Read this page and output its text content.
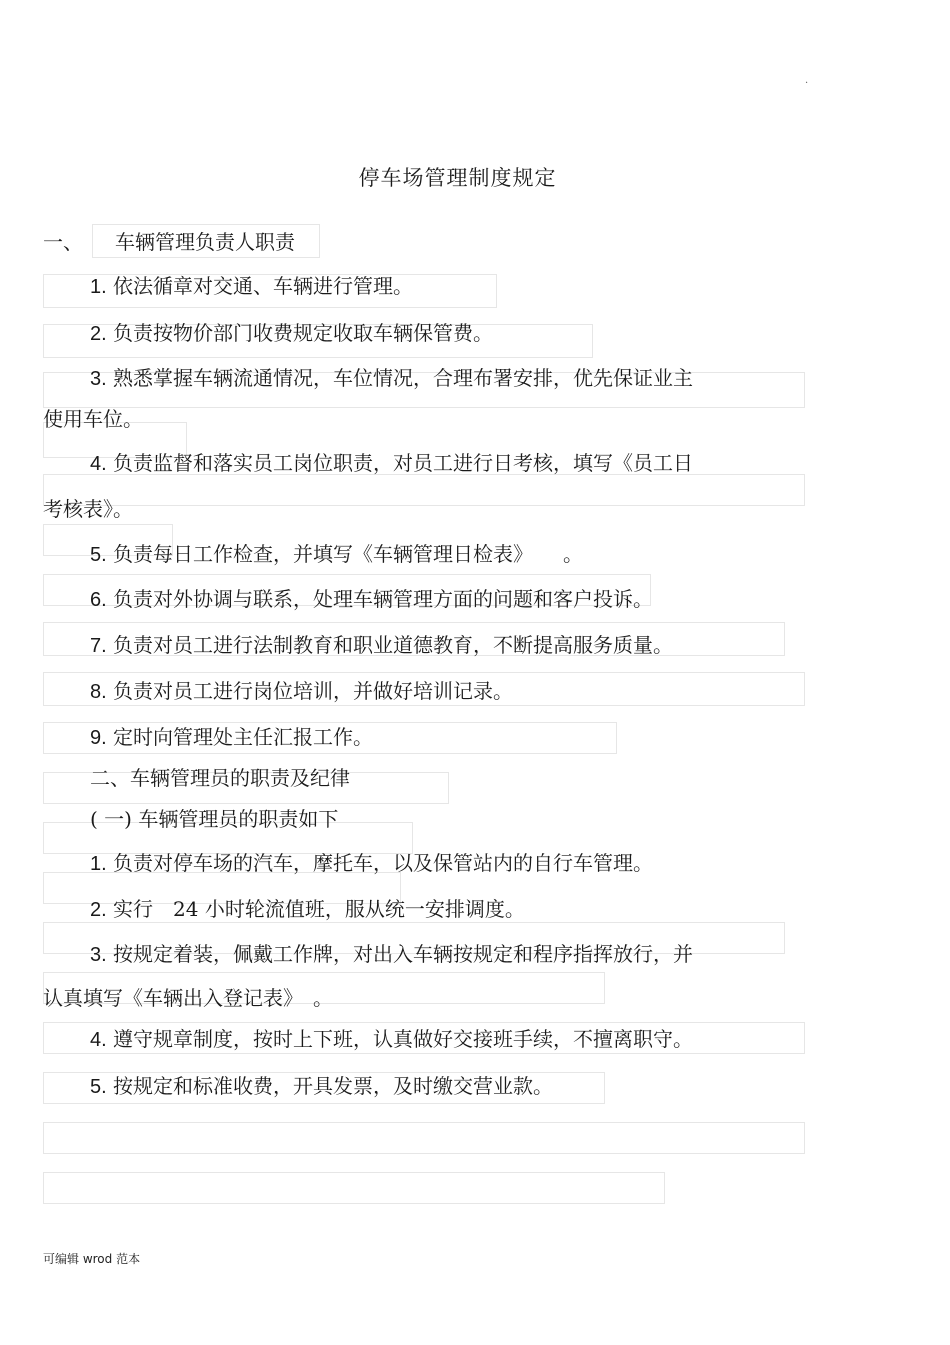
·
停车场管理制度规定
一、 车辆管理负责人职责
1. 依法循章对交通、车辆进行管理。
2. 负责按物价部门收费规定收取车辆保管费。
3. 熟悉掌握车辆流通情况，车位情况，合理布署安排，优先保证业主
使用车位。
4. 负责监督和落实员工岗位职责，对员工进行日考核，填写《员工日
考核表》。
5. 负责每日工作检查，并填写《车辆管理日检表》　　。
6. 负责对外协调与联系，处理车辆管理方面的问题和客户投诉。
7. 负责对员工进行法制教育和职业道德教育，不断提高服务质量。
8. 负责对员工进行岗位培训，并做好培训记录。
9. 定时向管理处主任汇报工作。
二、车辆管理员的职责及纪律
( 一) 车辆管理员的职责如下
1. 负责对停车场的汽车，摩托车，以及保管站内的自行车管理。
2. 实行　24 小时轮流值班，服从统一安排调度。
3. 按规定着装，佩戴工作牌，对出入车辆按规定和程序指挥放行，并
认真填写《车辆出入登记表》　。
4. 遵守规章制度，按时上下班，认真做好交接班手续，不擅离职守。
5. 按规定和标准收费，开具发票，及时缴交营业款。
可编辑 wrod 范本
